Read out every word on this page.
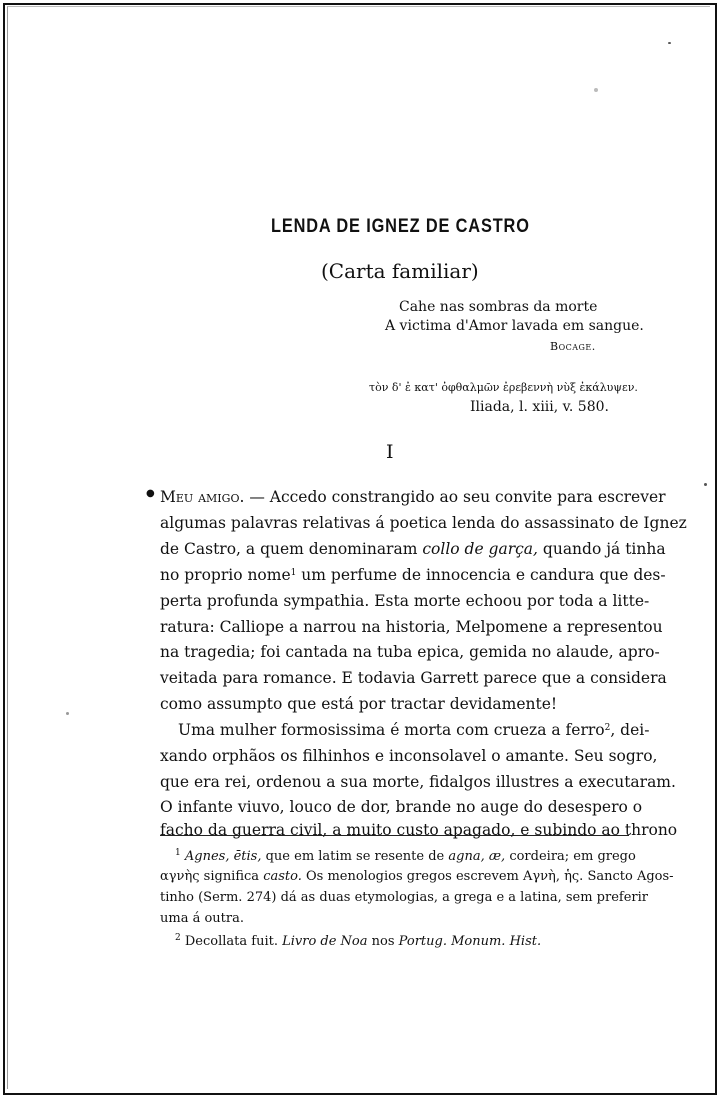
LENDA DE IGNEZ DE CASTRO
(Carta familiar)
Cahe nas sombras da morte
A victima d'Amor lavada em sangue.
Bocage.
τὸν δ' ἐ κατ' ὀφθαλμῶν ἐρεβεννὴ νὺξ ἐκάλυψεν.
Iliada, l. xiii, v. 580.
I
● Meu amigo. — Accedo constrangido ao seu convite para escrever
algumas palavras relativas á poetica lenda do assassinato de Ignez
de Castro, a quem denominaram collo de garça, quando já tinha
no proprio nome$^1$ um perfume de innocencia e candura que des-
perta profunda sympathia. Esta morte echoou por toda a litte-
ratura: Calliope a narrou na historia, Melpomene a representou
na tragedia; foi cantada na tuba epica, gemida no alaude, apro-
veitada para romance. E todavia Garrett parece que a considera
como assumpto que está por tractar devidamente!
Uma mulher formosissima é morta com crueza a ferro$^2$, dei-
xando orphãos os filhinhos e inconsolavel o amante. Seu sogro,
que era rei, ordenou a sua morte, fidalgos illustres a executaram.
O infante viuvo, louco de dor, brande no auge do desespero o
facho da guerra civil, a muito custo apagado, e subindo ao throno
$^1$ Agnes, ētis, que em latim se resente de agna, æ, cordeira; em grego
αγνὴς significa casto. Os menologios gregos escrevem Αγνὴ, ἡς. Sancto Agos-
tinho (Serm. 274) dá as duas etymologias, a grega e a latina, sem preferir
uma á outra.
$^2$ Decollata fuit. Livro de Noa nos Portug. Monum. Hist.
